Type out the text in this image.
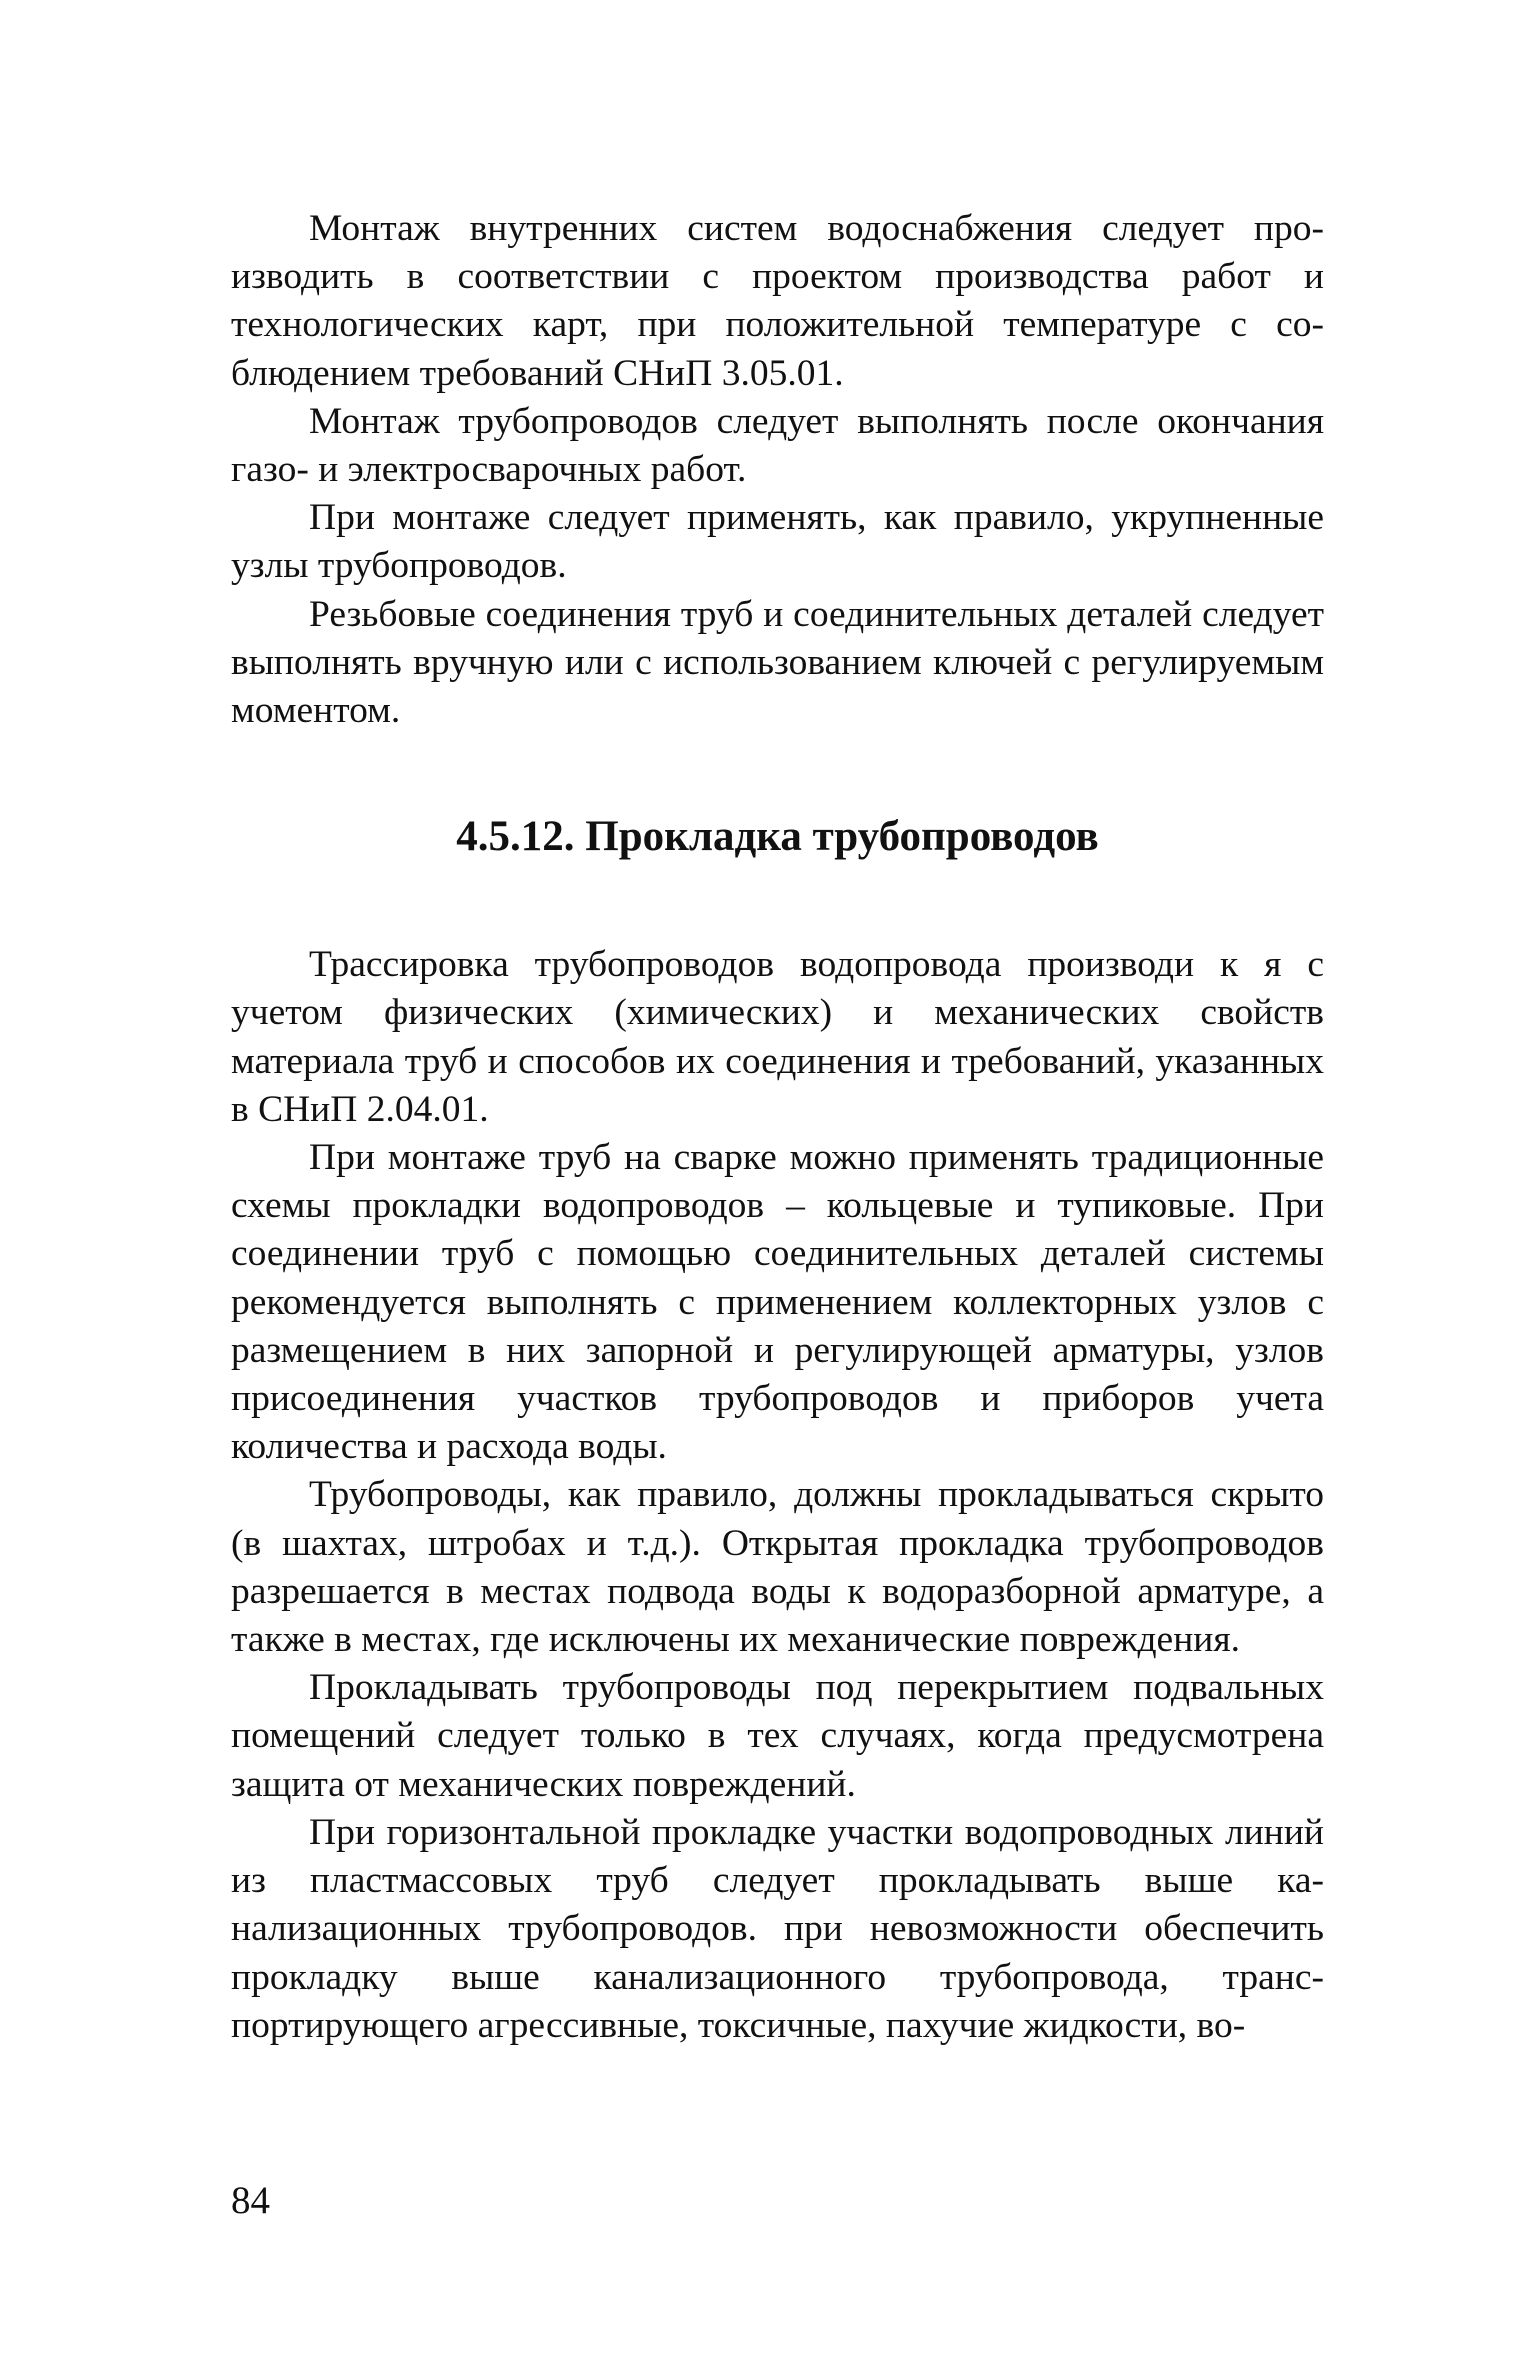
Монтаж внутренних систем водоснабжения следует производить в соответствии с проектом производства работ и технологических карт, при положительной температуре с соблюдением требований СНиП 3.05.01.

Монтаж трубопроводов следует выполнять после окончания газо- и электросварочных работ.

При монтаже следует применять, как правило, укрупненные узлы трубопроводов.

Резьбовые соединения труб и соединительных деталей следует выполнять вручную или с использованием ключей с регулируемым моментом.

4.5.12. Прокладка трубопроводов

Трассировка трубопроводов водопровода производи к я с учетом физических (химических) и механических свойств материала труб и способов их соединения и требований, указанных в СНиП 2.04.01.

При монтаже труб на сварке можно применять традиционные схемы прокладки водопроводов – кольцевые и тупиковые. При соединении труб с помощью соединительных деталей системы рекомендуется выполнять с применением коллекторных узлов с размещением в них запорной и регулирующей арматуры, узлов присоединения участков трубопроводов и приборов учета количества и расхода воды.

Трубопроводы, как правило, должны прокладываться скрыто (в шахтах, штробах и т.д.). Открытая прокладка трубопроводов разрешается в местах подвода воды к водоразборной арматуре, а также в местах, где исключены их механические повреждения.

Прокладывать трубопроводы под перекрытием подвальных помещений следует только в тех случаях, когда предусмотрена защита от механических повреждений.

При горизонтальной прокладке участки водопроводных линий из пластмассовых труб следует прокладывать выше канализационных трубопроводов. при невозможности обеспечить прокладку выше канализационного трубопровода, транспортирующего агрессивные, токсичные, пахучие жидкости, во-

84
